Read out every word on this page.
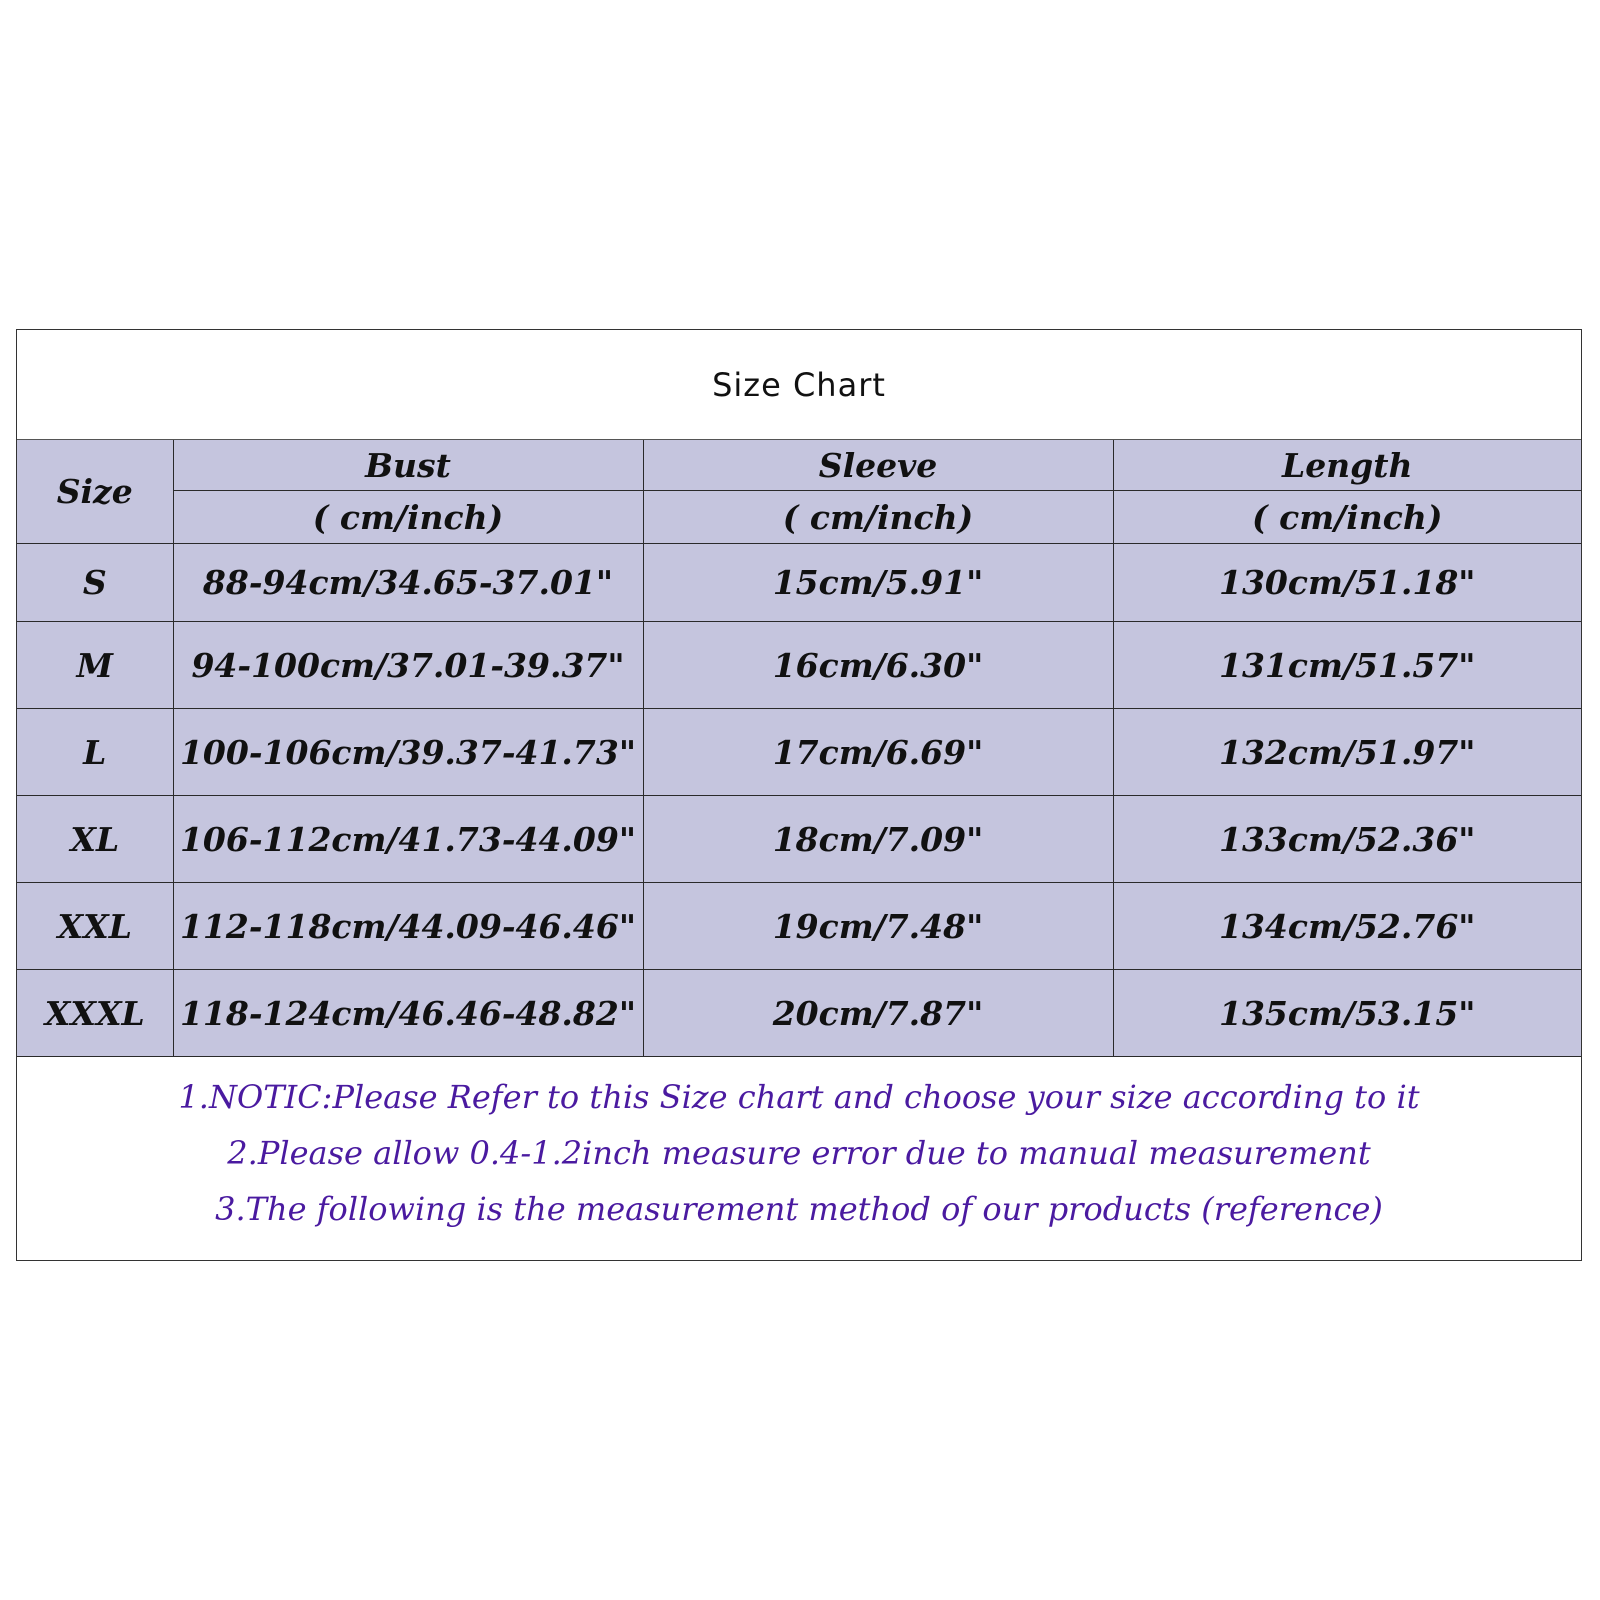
Size Chart
Size	Bust	Sleeve	Length
	( cm/inch)	( cm/inch)	( cm/inch)
S	88-94cm/34.65-37.01"	15cm/5.91"	130cm/51.18"
M	94-100cm/37.01-39.37"	16cm/6.30"	131cm/51.57"
L	100-106cm/39.37-41.73"	17cm/6.69"	132cm/51.97"
XL	106-112cm/41.73-44.09"	18cm/7.09"	133cm/52.36"
XXL	112-118cm/44.09-46.46"	19cm/7.48"	134cm/52.76"
XXXL	118-124cm/46.46-48.82"	20cm/7.87"	135cm/53.15"
1.NOTIC:Please Refer to this Size chart and choose your size according to it
2.Please allow 0.4-1.2inch measure error due to manual measurement
3.The following is the measurement method of our products (reference)
